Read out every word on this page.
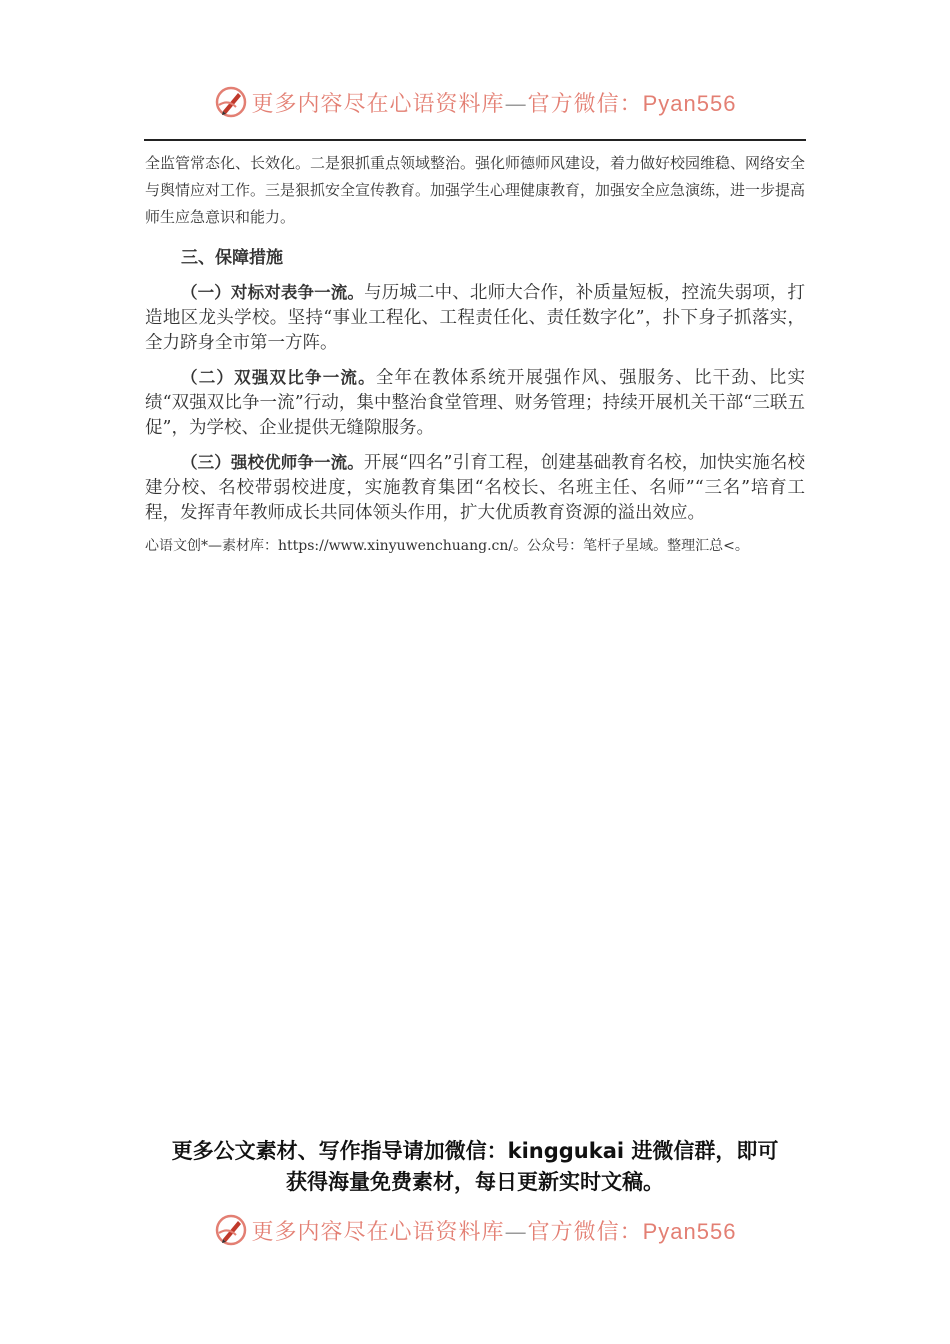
更多内容尽在心语资料库—官方微信：Pyan556

全监管常态化、长效化。二是狠抓重点领域整治。强化师德师风建设，着力做好校园维稳、网络安全与舆情应对工作。三是狠抓安全宣传教育。加强学生心理健康教育，加强安全应急演练，进一步提高师生应急意识和能力。

三、保障措施

（一）对标对表争一流。与历城二中、北师大合作，补质量短板，控流失弱项，打造地区龙头学校。坚持“事业工程化、工程责任化、责任数字化”，扑下身子抓落实，全力跻身全市第一方阵。

（二）双强双比争一流。全年在教体系统开展强作风、强服务、比干劲、比实绩“双强双比争一流”行动，集中整治食堂管理、财务管理；持续开展机关干部“三联五促”，为学校、企业提供无缝隙服务。

（三）强校优师争一流。开展“四名”引育工程，创建基础教育名校，加快实施名校建分校、名校带弱校进度，实施教育集团“名校长、名班主任、名师”“三名”培育工程，发挥青年教师成长共同体领头作用，扩大优质教育资源的溢出效应。

心语文创*—素材库：https://www.xinyuwenchuang.cn/。公众号：笔杆子星域。整理汇总<。

更多公文素材、写作指导请加微信：kinggukai 进微信群，即可
获得海量免费素材，每日更新实时文稿。
更多内容尽在心语资料库—官方微信：Pyan556
